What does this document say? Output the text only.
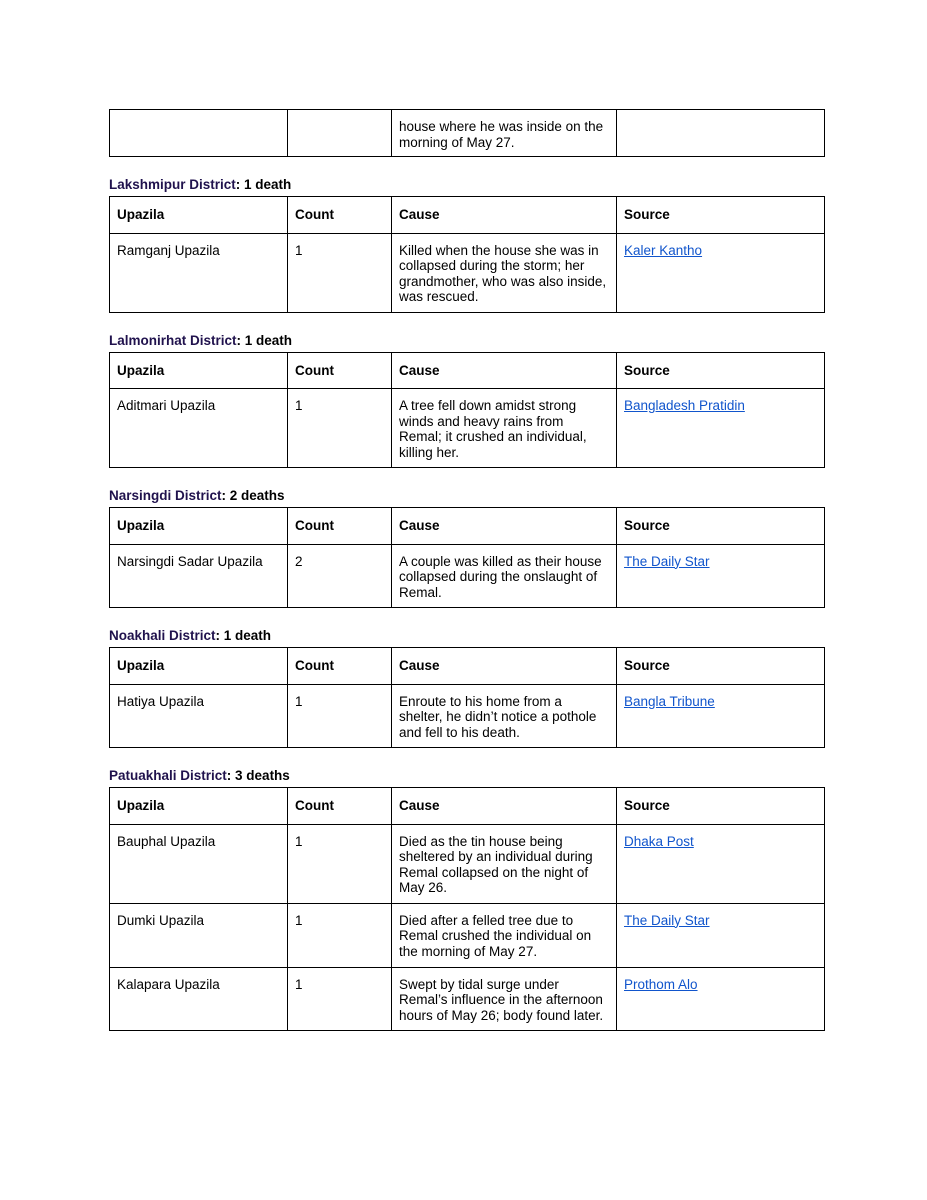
		house where he was inside on the morning of May 27.	
Lakshmipur District: 1 death
Upazila	Count	Cause	Source
Ramganj Upazila	1	Killed when the house she was in collapsed during the storm; her grandmother, who was also inside, was rescued.	Kaler Kantho
Lalmonirhat District: 1 death
Upazila	Count	Cause	Source
Aditmari Upazila	1	A tree fell down amidst strong winds and heavy rains from Remal; it crushed an individual, killing her.	Bangladesh Pratidin
Narsingdi District: 2 deaths
Upazila	Count	Cause	Source
Narsingdi Sadar Upazila	2	A couple was killed as their house collapsed during the onslaught of Remal.	The Daily Star
Noakhali District: 1 death
Upazila	Count	Cause	Source
Hatiya Upazila	1	Enroute to his home from a shelter, he didn’t notice a pothole and fell to his death.	Bangla Tribune
Patuakhali District: 3 deaths
Upazila	Count	Cause	Source
Bauphal Upazila	1	Died as the tin house being sheltered by an individual during Remal collapsed on the night of May 26.	Dhaka Post
Dumki Upazila	1	Died after a felled tree due to Remal crushed the individual on the morning of May 27.	The Daily Star
Kalapara Upazila	1	Swept by tidal surge under Remal’s influence in the afternoon hours of May 26; body found later.	Prothom Alo
